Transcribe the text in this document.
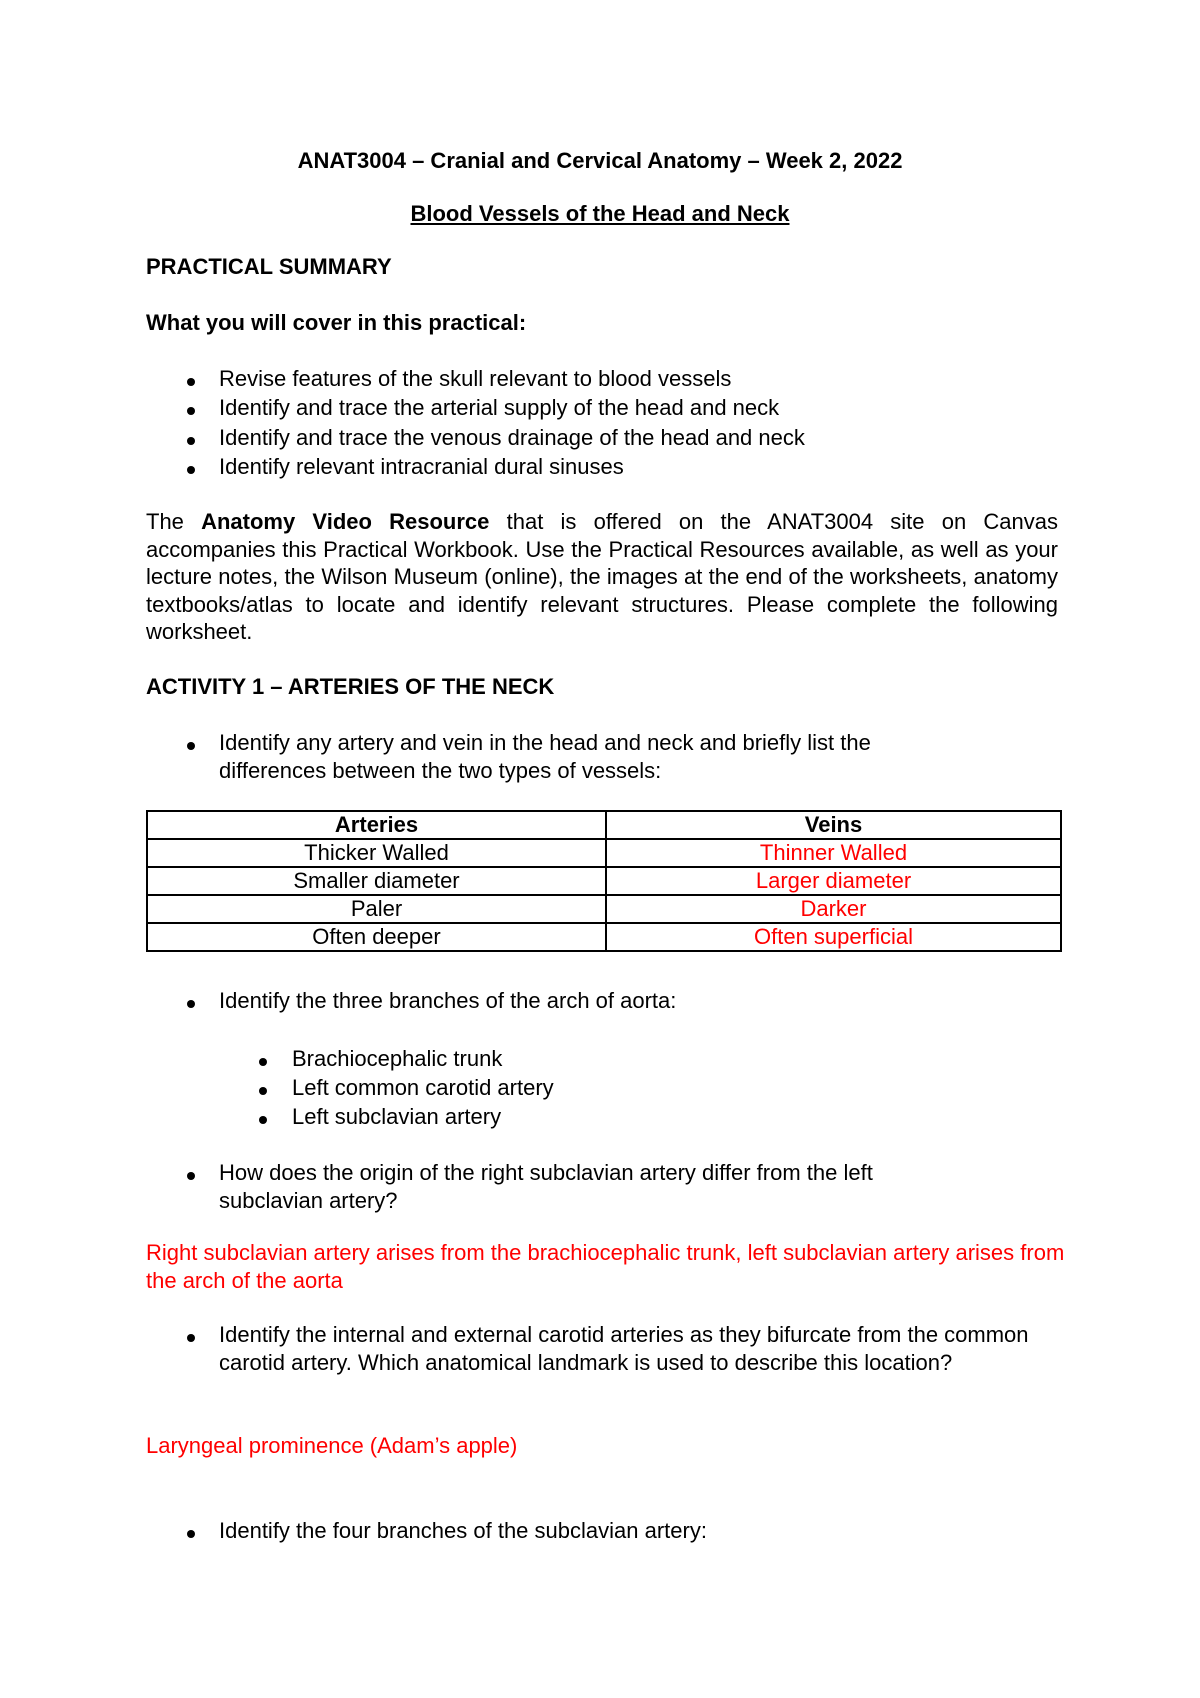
ANAT3004 – Cranial and Cervical Anatomy – Week 2, 2022
Blood Vessels of the Head and Neck
PRACTICAL SUMMARY
What you will cover in this practical:
Revise features of the skull relevant to blood vessels
Identify and trace the arterial supply of the head and neck
Identify and trace the venous drainage of the head and neck
Identify relevant intracranial dural sinuses
The Anatomy Video Resource that is offered on the ANAT3004 site on Canvas accompanies this Practical Workbook. Use the Practical Resources available, as well as your lecture notes, the Wilson Museum (online), the images at the end of the worksheets, anatomy textbooks/atlas to locate and identify relevant structures. Please complete the following worksheet.
ACTIVITY 1 – ARTERIES OF THE NECK
Identify any artery and vein in the head and neck and briefly list the differences between the two types of vessels:
Arteries	Veins
Thicker Walled	Thinner Walled
Smaller diameter	Larger diameter
Paler	Darker
Often deeper	Often superficial
Identify the three branches of the arch of aorta:
Brachiocephalic trunk
Left common carotid artery
Left subclavian artery
How does the origin of the right subclavian artery differ from the left subclavian artery?
Right subclavian artery arises from the brachiocephalic trunk, left subclavian artery arises from the arch of the aorta
Identify the internal and external carotid arteries as they bifurcate from the common carotid artery. Which anatomical landmark is used to describe this location?
Laryngeal prominence (Adam’s apple)
Identify the four branches of the subclavian artery:
